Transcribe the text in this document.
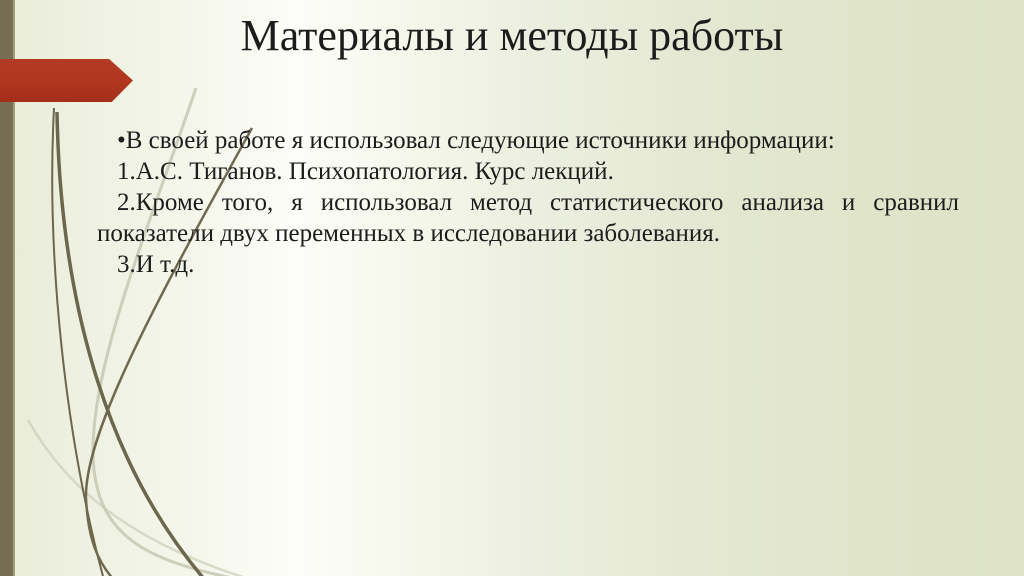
Материалы и методы работы
•В своей работе я использовал следующие источники информации:
1.А.С. Тиганов. Психопатология. Курс лекций.
2.Кроме того, я использовал метод статистического анализа и сравнил
показатели двух переменных в исследовании заболевания.
3.И т.д.
